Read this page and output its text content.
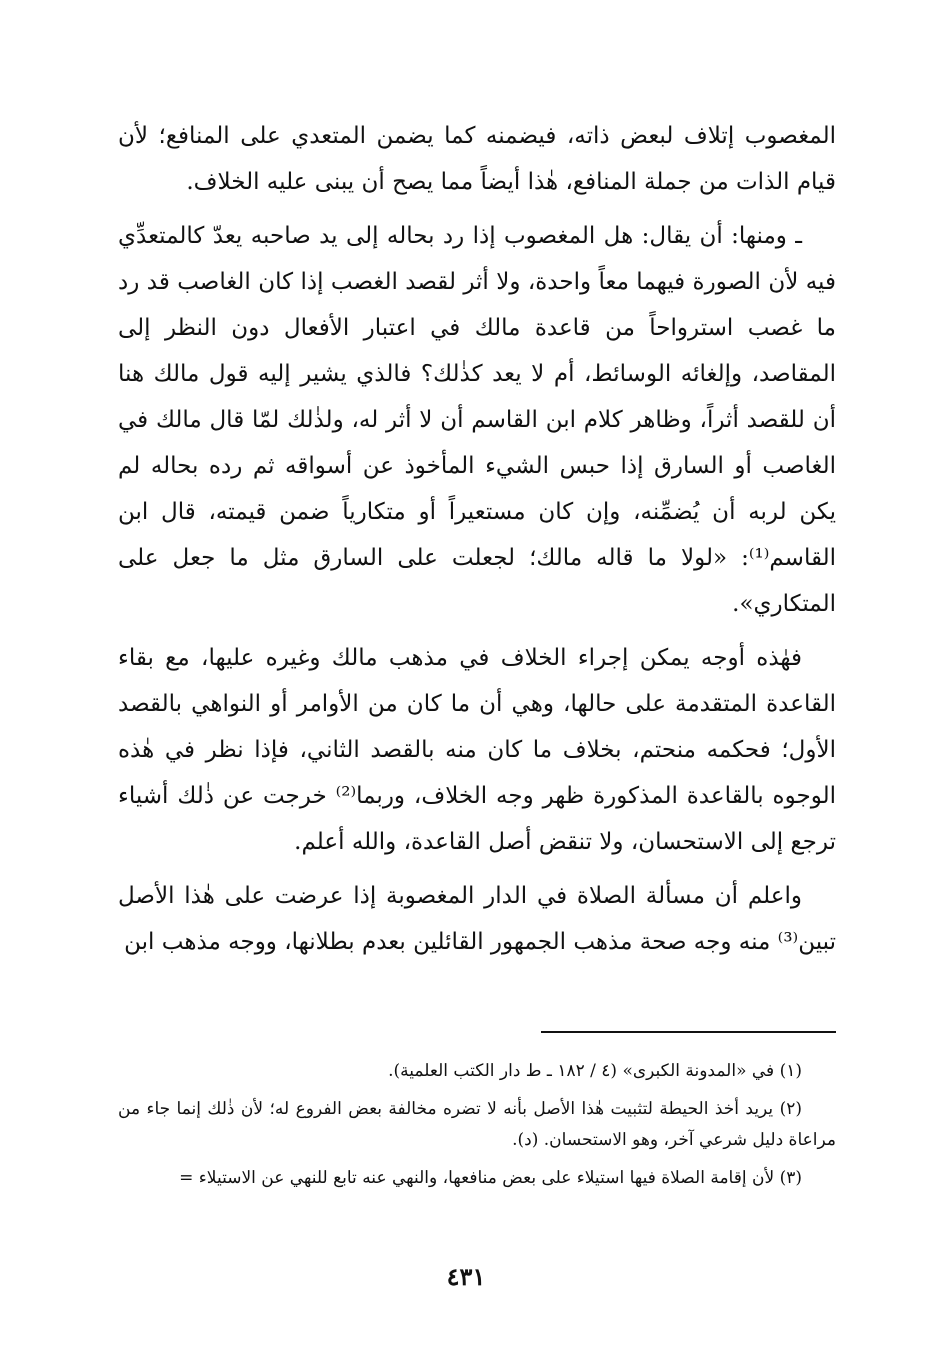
المغصوب إتلاف لبعض ذاته، فيضمنه كما يضمن المتعدي على المنافع؛ لأن قيام الذات من جملة المنافع، هٰذا أيضاً مما يصح أن يبنى عليه الخلاف.

ـ ومنها: أن يقال: هل المغصوب إذا رد بحاله إلى يد صاحبه يعدّ كالمتعدِّي فيه لأن الصورة فيهما معاً واحدة، ولا أثر لقصد الغصب إذا كان الغاصب قد رد ما غصب استرواحاً من قاعدة مالك في اعتبار الأفعال دون النظر إلى المقاصد، وإلغائه الوسائط، أم لا يعد كذٰلك؟ فالذي يشير إليه قول مالك هنا أن للقصد أثراً، وظاهر كلام ابن القاسم أن لا أثر له، ولذٰلك لمّا قال مالك في الغاصب أو السارق إذا حبس الشيء المأخوذ عن أسواقه ثم رده بحاله لم يكن لربه أن يُضمِّنه، وإن كان مستعيراً أو متكارياً ضمن قيمته، قال ابن القاسم⁽¹⁾: «لولا ما قاله مالك؛ لجعلت على السارق مثل ما جعل على المتكاري».

فهٰذه أوجه يمكن إجراء الخلاف في مذهب مالك وغيره عليها، مع بقاء القاعدة المتقدمة على حالها، وهي أن ما كان من الأوامر أو النواهي بالقصد الأول؛ فحكمه منحتم، بخلاف ما كان منه بالقصد الثاني، فإذا نظر في هٰذه الوجوه بالقاعدة المذكورة ظهر وجه الخلاف، وربما⁽²⁾ خرجت عن ذٰلك أشياء ترجع إلى الاستحسان، ولا تنقض أصل القاعدة، والله أعلم.

واعلم أن مسألة الصلاة في الدار المغصوبة إذا عرضت على هٰذا الأصل تبين⁽³⁾ منه وجه صحة مذهب الجمهور القائلين بعدم بطلانها، ووجه مذهب ابن

(١) في «المدونة الكبرى» (٤ / ١٨٢ ـ ط دار الكتب العلمية).

(٢) يريد أخذ الحيطة لتثبيت هٰذا الأصل بأنه لا تضره مخالفة بعض الفروع له؛ لأن ذٰلك إنما جاء من مراعاة دليل شرعي آخر، وهو الاستحسان. (د).

(٣) لأن إقامة الصلاة فيها استيلاء على بعض منافعها، والنهي عنه تابع للنهي عن الاستيلاء =

٤٣١
